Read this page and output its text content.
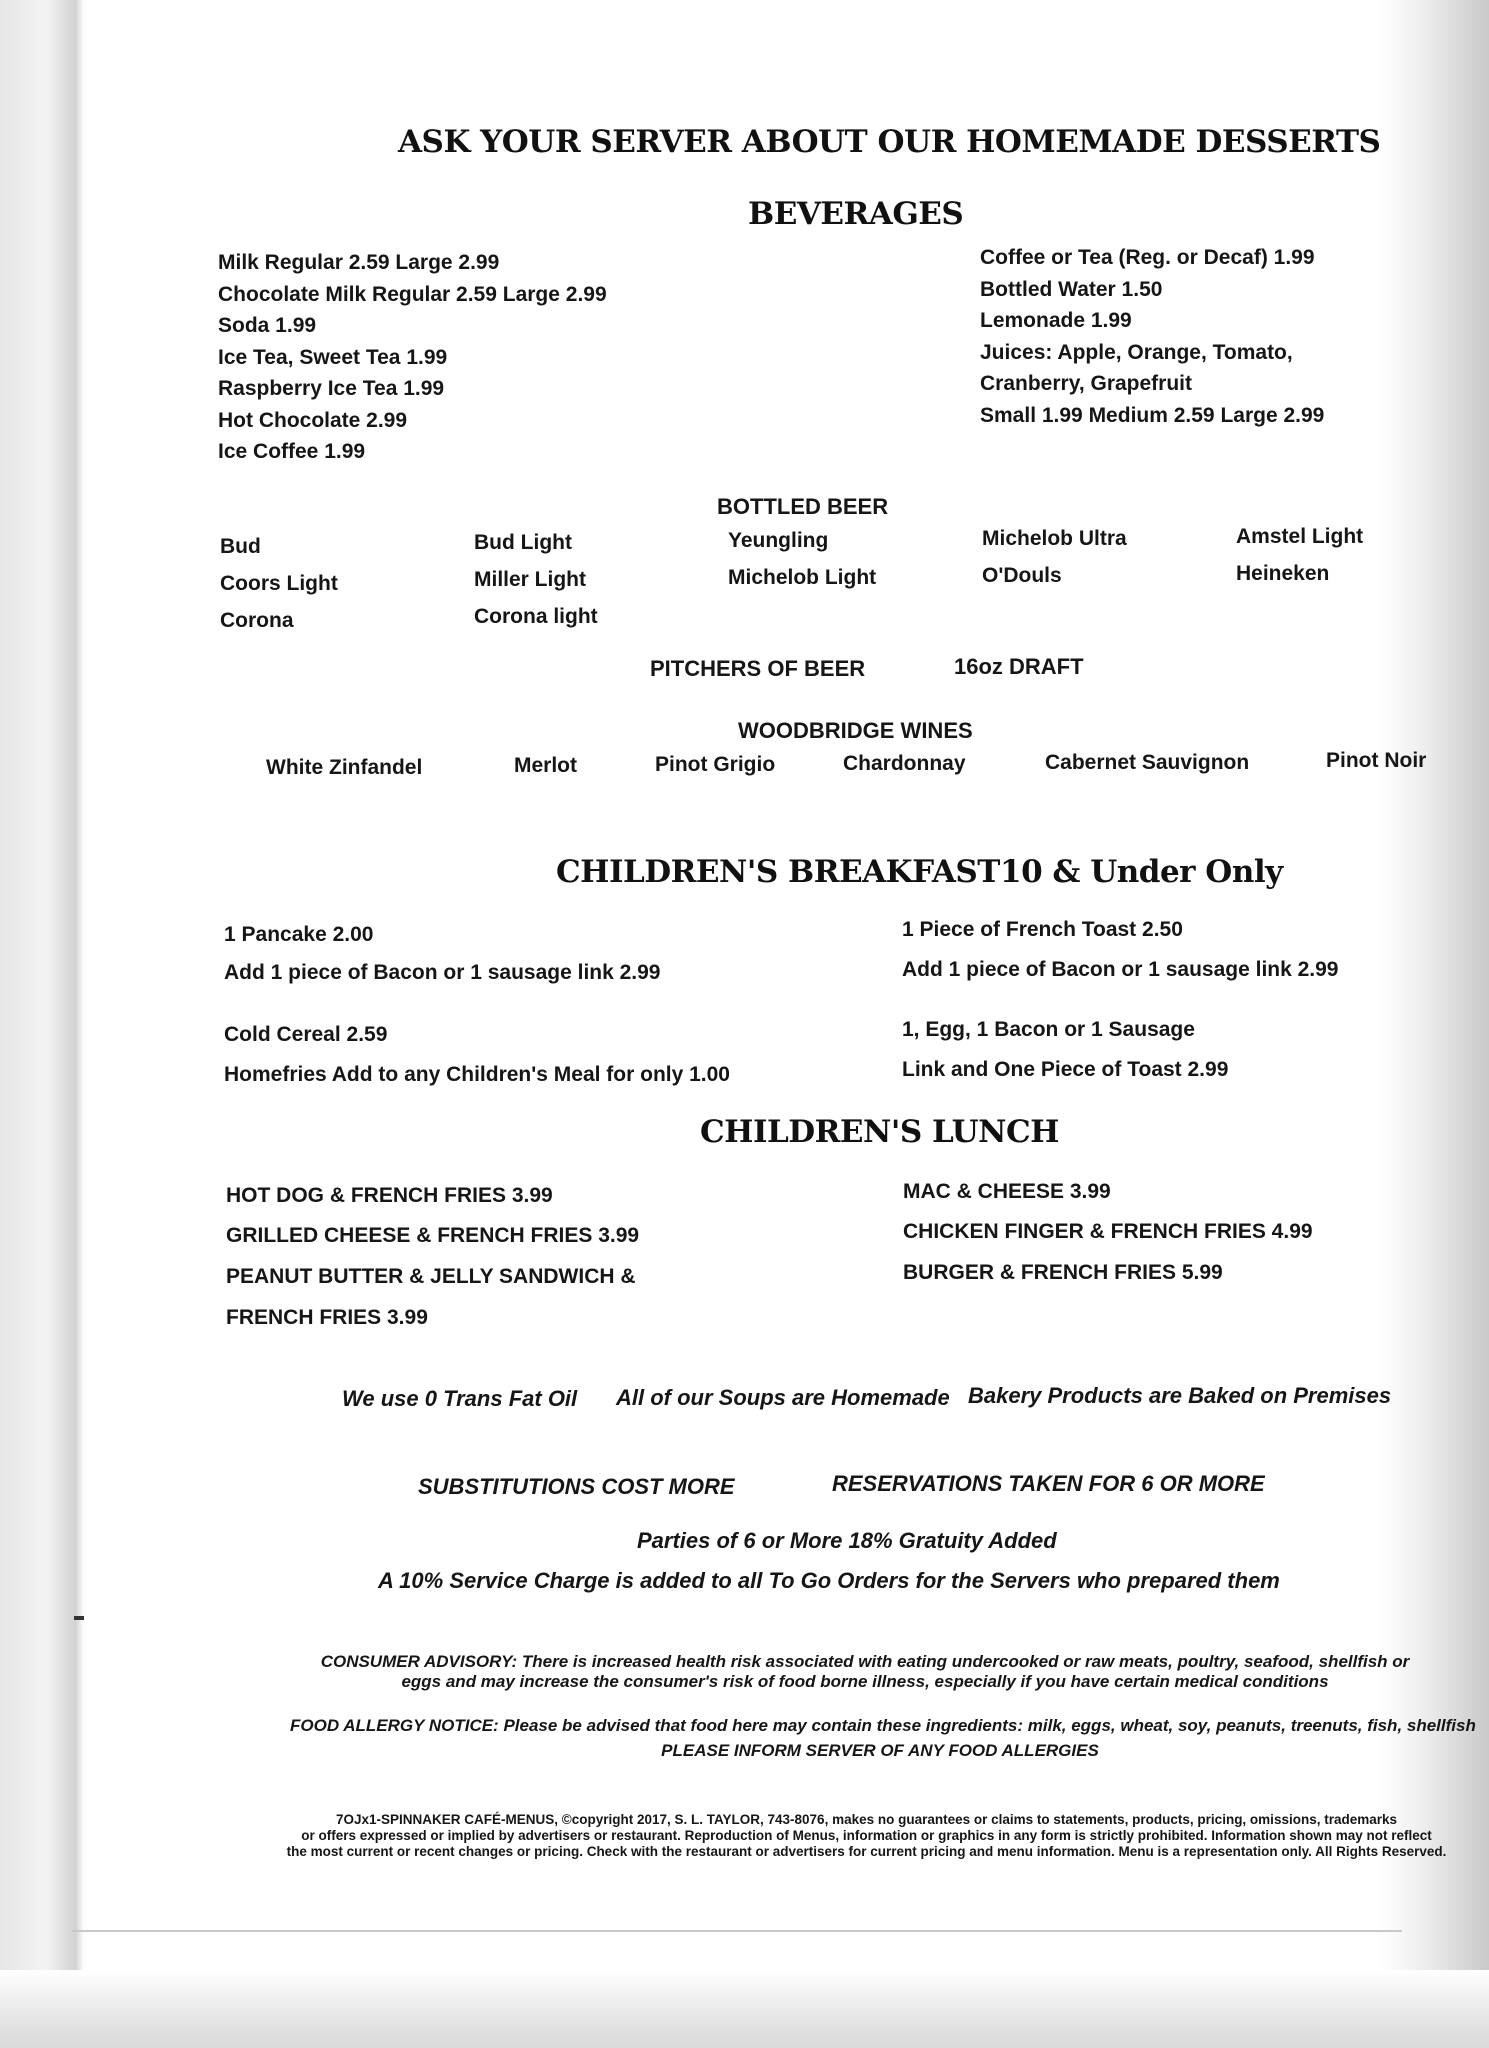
ASK YOUR SERVER ABOUT OUR HOMEMADE DESSERTS
BEVERAGES
Milk Regular 2.59 Large 2.99
Chocolate Milk Regular 2.59 Large 2.99
Soda 1.99
Ice Tea, Sweet Tea 1.99
Raspberry Ice Tea 1.99
Hot Chocolate 2.99
Ice Coffee 1.99
Coffee or Tea (Reg. or Decaf) 1.99
Bottled Water 1.50
Lemonade 1.99
Juices: Apple, Orange, Tomato,
Cranberry, Grapefruit
Small 1.99 Medium 2.59 Large 2.99
BOTTLED BEER
Bud
Coors Light
Corona
Bud Light
Miller Light
Corona light
Yeungling
Michelob Light
Michelob Ultra
O'Douls
Amstel Light
Heineken
PITCHERS OF BEER	16oz DRAFT
WOODBRIDGE WINES
White Zinfandel	Merlot	Pinot Grigio	Chardonnay	Cabernet Sauvignon	Pinot Noir
CHILDREN'S BREAKFAST 10 & Under Only
1 Pancake 2.00
Add 1 piece of Bacon or 1 sausage link 2.99
Cold Cereal 2.59
Homefries Add to any Children's Meal for only 1.00
1 Piece of French Toast 2.50
Add 1 piece of Bacon or 1 sausage link 2.99
1, Egg, 1 Bacon or 1 Sausage
Link and One Piece of Toast 2.99
CHILDREN'S LUNCH
HOT DOG & FRENCH FRIES 3.99
GRILLED CHEESE & FRENCH FRIES 3.99
PEANUT BUTTER & JELLY SANDWICH &
FRENCH FRIES 3.99
MAC & CHEESE 3.99
CHICKEN FINGER & FRENCH FRIES 4.99
BURGER & FRENCH FRIES 5.99
We use 0 Trans Fat Oil All of our Soups are Homemade Bakery Products are Baked on Premises
SUBSTITUTIONS COST MORE	RESERVATIONS TAKEN FOR 6 OR MORE
Parties of 6 or More 18% Gratuity Added
A 10% Service Charge is added to all To Go Orders for the Servers who prepared them
CONSUMER ADVISORY: There is increased health risk associated with eating undercooked or raw meats, poultry, seafood, shellfish or
eggs and may increase the consumer's risk of food borne illness, especially if you have certain medical conditions
FOOD ALLERGY NOTICE: Please be advised that food here may contain these ingredients: milk, eggs, wheat, soy, peanuts, treenuts, fish, shellfish
PLEASE INFORM SERVER OF ANY FOOD ALLERGIES
7OJx1-SPINNAKER CAFÉ-MENUS, ©copyright 2017, S. L. TAYLOR, 743-8076, makes no guarantees or claims to statements, products, pricing, omissions, trademarks
or offers expressed or implied by advertisers or restaurant. Reproduction of Menus, information or graphics in any form is strictly prohibited. Information shown may not reflect
the most current or recent changes or pricing. Check with the restaurant or advertisers for current pricing and menu information. Menu is a representation only. All Rights Reserved.
